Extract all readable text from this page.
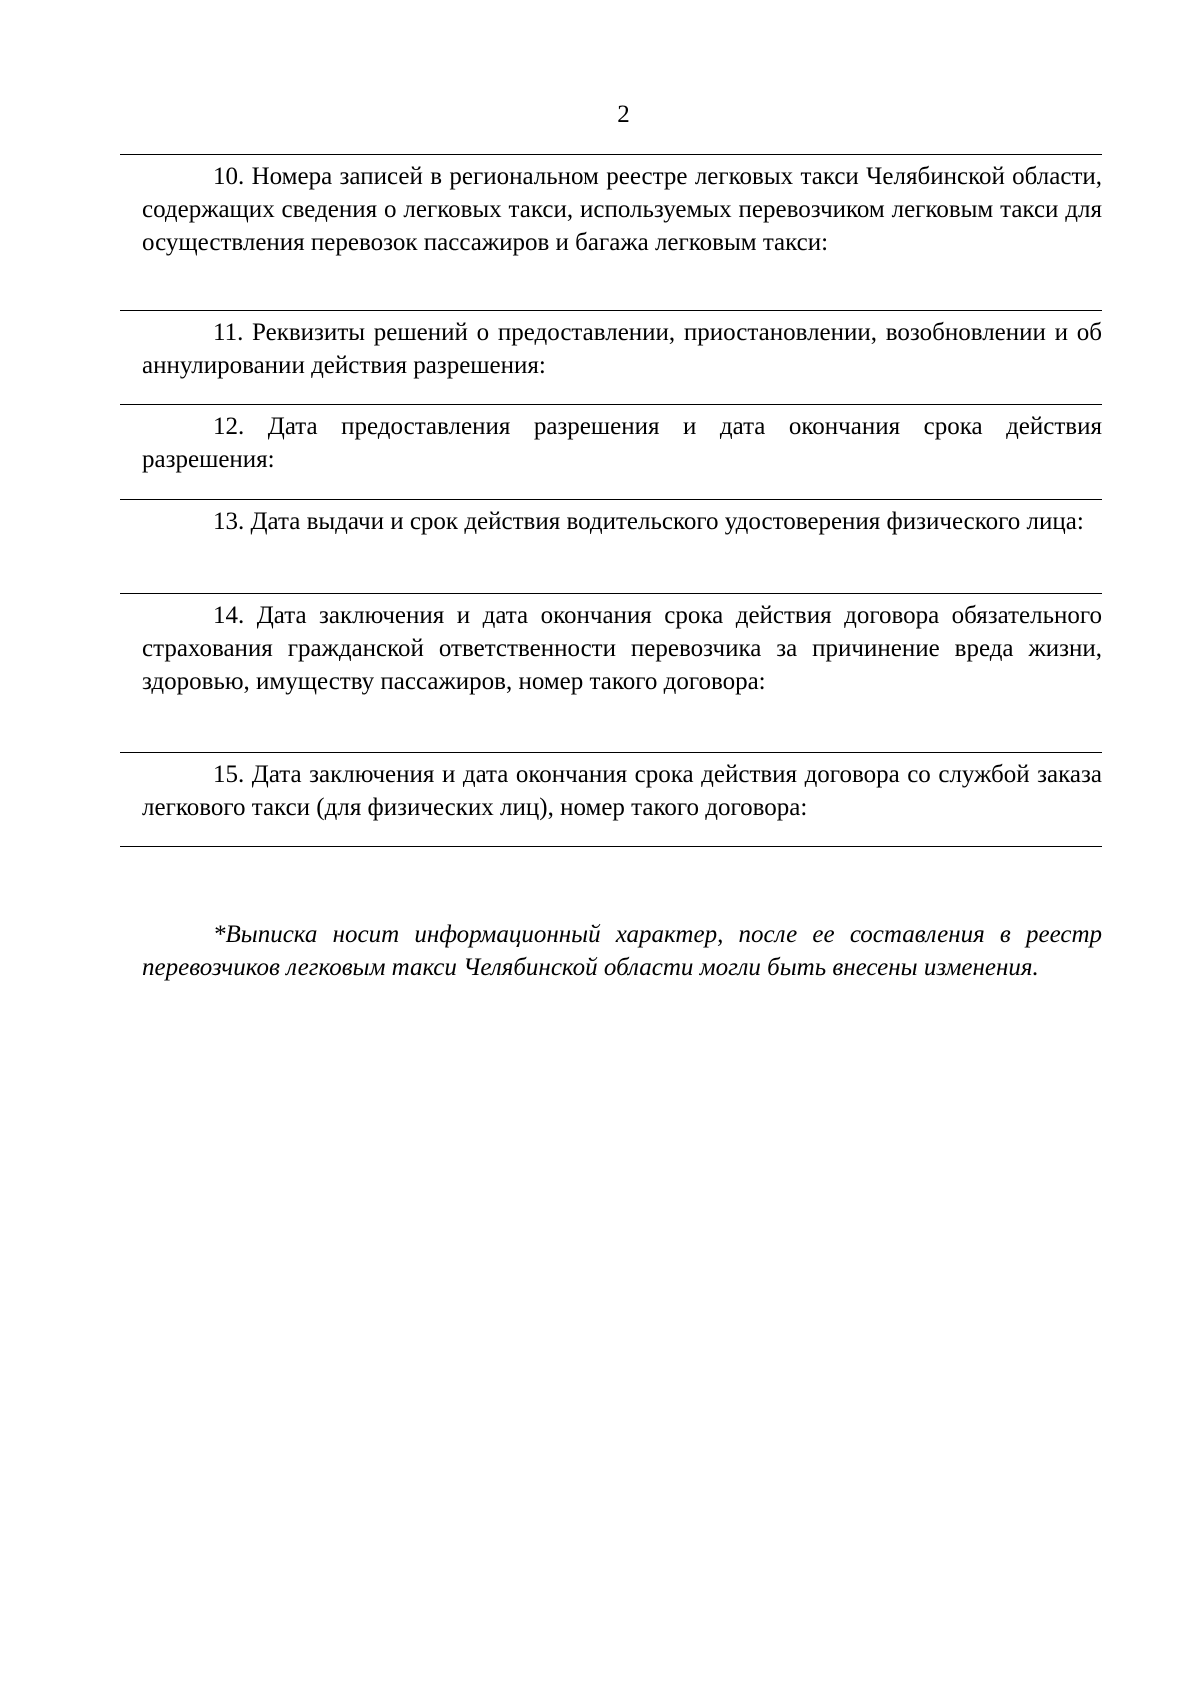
2

10. Номера записей в региональном реестре легковых такси Челябинской области, содержащих сведения о легковых такси, используемых перевозчиком легковым такси для осуществления перевозок пассажиров и багажа легковым такси:

11. Реквизиты решений о предоставлении, приостановлении, возобновлении и об аннулировании действия разрешения:

12. Дата предоставления разрешения и дата окончания срока действия разрешения:

13. Дата выдачи и срок действия водительского удостоверения физического лица:

14. Дата заключения и дата окончания срока действия договора обязательного страхования гражданской ответственности перевозчика за причинение вреда жизни, здоровью, имуществу пассажиров, номер такого договора:

15. Дата заключения и дата окончания срока действия договора со службой заказа легкового такси (для физических лиц), номер такого договора:

*Выписка носит информационный характер, после ее составления в реестр перевозчиков легковым такси Челябинской области могли быть внесены изменения.
